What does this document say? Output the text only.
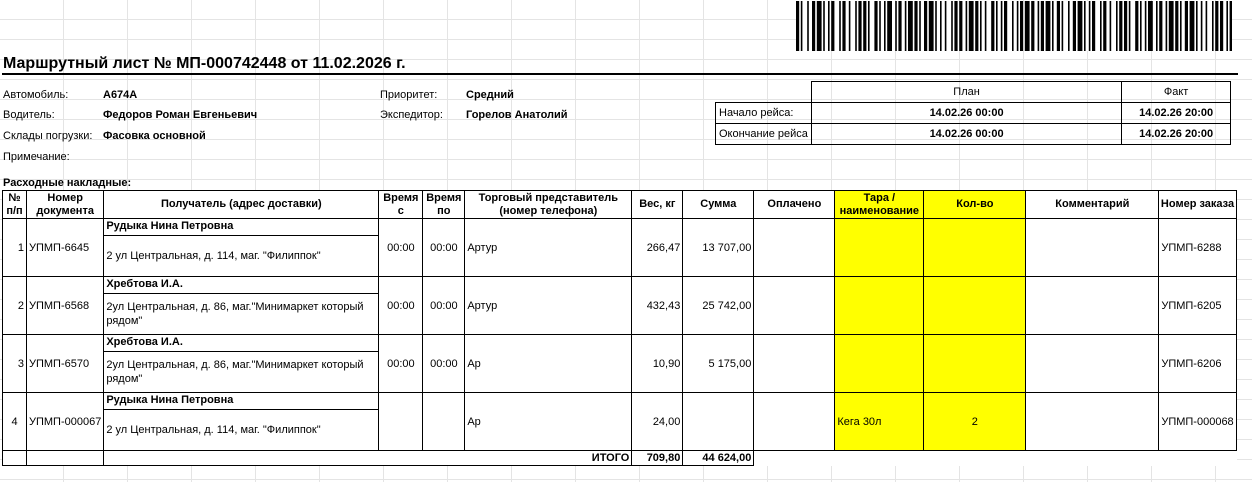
Маршрутный лист № МП-000742448 от 11.02.2026 г.
Автомобиль:	А674А
Водитель:	Федоров Роман Евгеньевич
Склады погрузки: Фасовка основной
Примечание:
Приоритет:	Средний
Экспедитор: Горелов Анатолий
Расходные накладные:
	План	Факт
Начало рейса:	14.02.26 00:00	14.02.26 20:00
Окончание рейса	14.02.26 00:00	14.02.26 20:00
№ п/п	Номер документа	Получатель (адрес доставки)	Время с	Время по	Торговый представитель (номер телефона)	Вес, кг	Сумма	Оплачено	Тара / наименование	Кол-во	Комментарий	Номер заказа
1	УПМП-6645	Рудыка Нина Петровна	00:00	00:00	Артур	266,47	13 707,00					УПМП-6288
		2 ул Центральная, д. 114, маг. "Филиппок"										
2	УПМП-6568	Хребтова И.А.	00:00	00:00	Артур	432,43	25 742,00					УПМП-6205
		2ул Центральная, д. 86, маг."Минимаркет который рядом"										
3	УПМП-6570	Хребтова И.А.	00:00	00:00	Ар	10,90	5 175,00					УПМП-6206
		2ул Центральная, д. 86, маг."Минимаркет который рядом"										
4	УПМП-000067	Рудыка Нина Петровна			Ар	24,00			Кега 30л	2		УПМП-000068
		2 ул Центральная, д. 114, маг. "Филиппок"										
		ИТОГО				709,80	44 624,00					
